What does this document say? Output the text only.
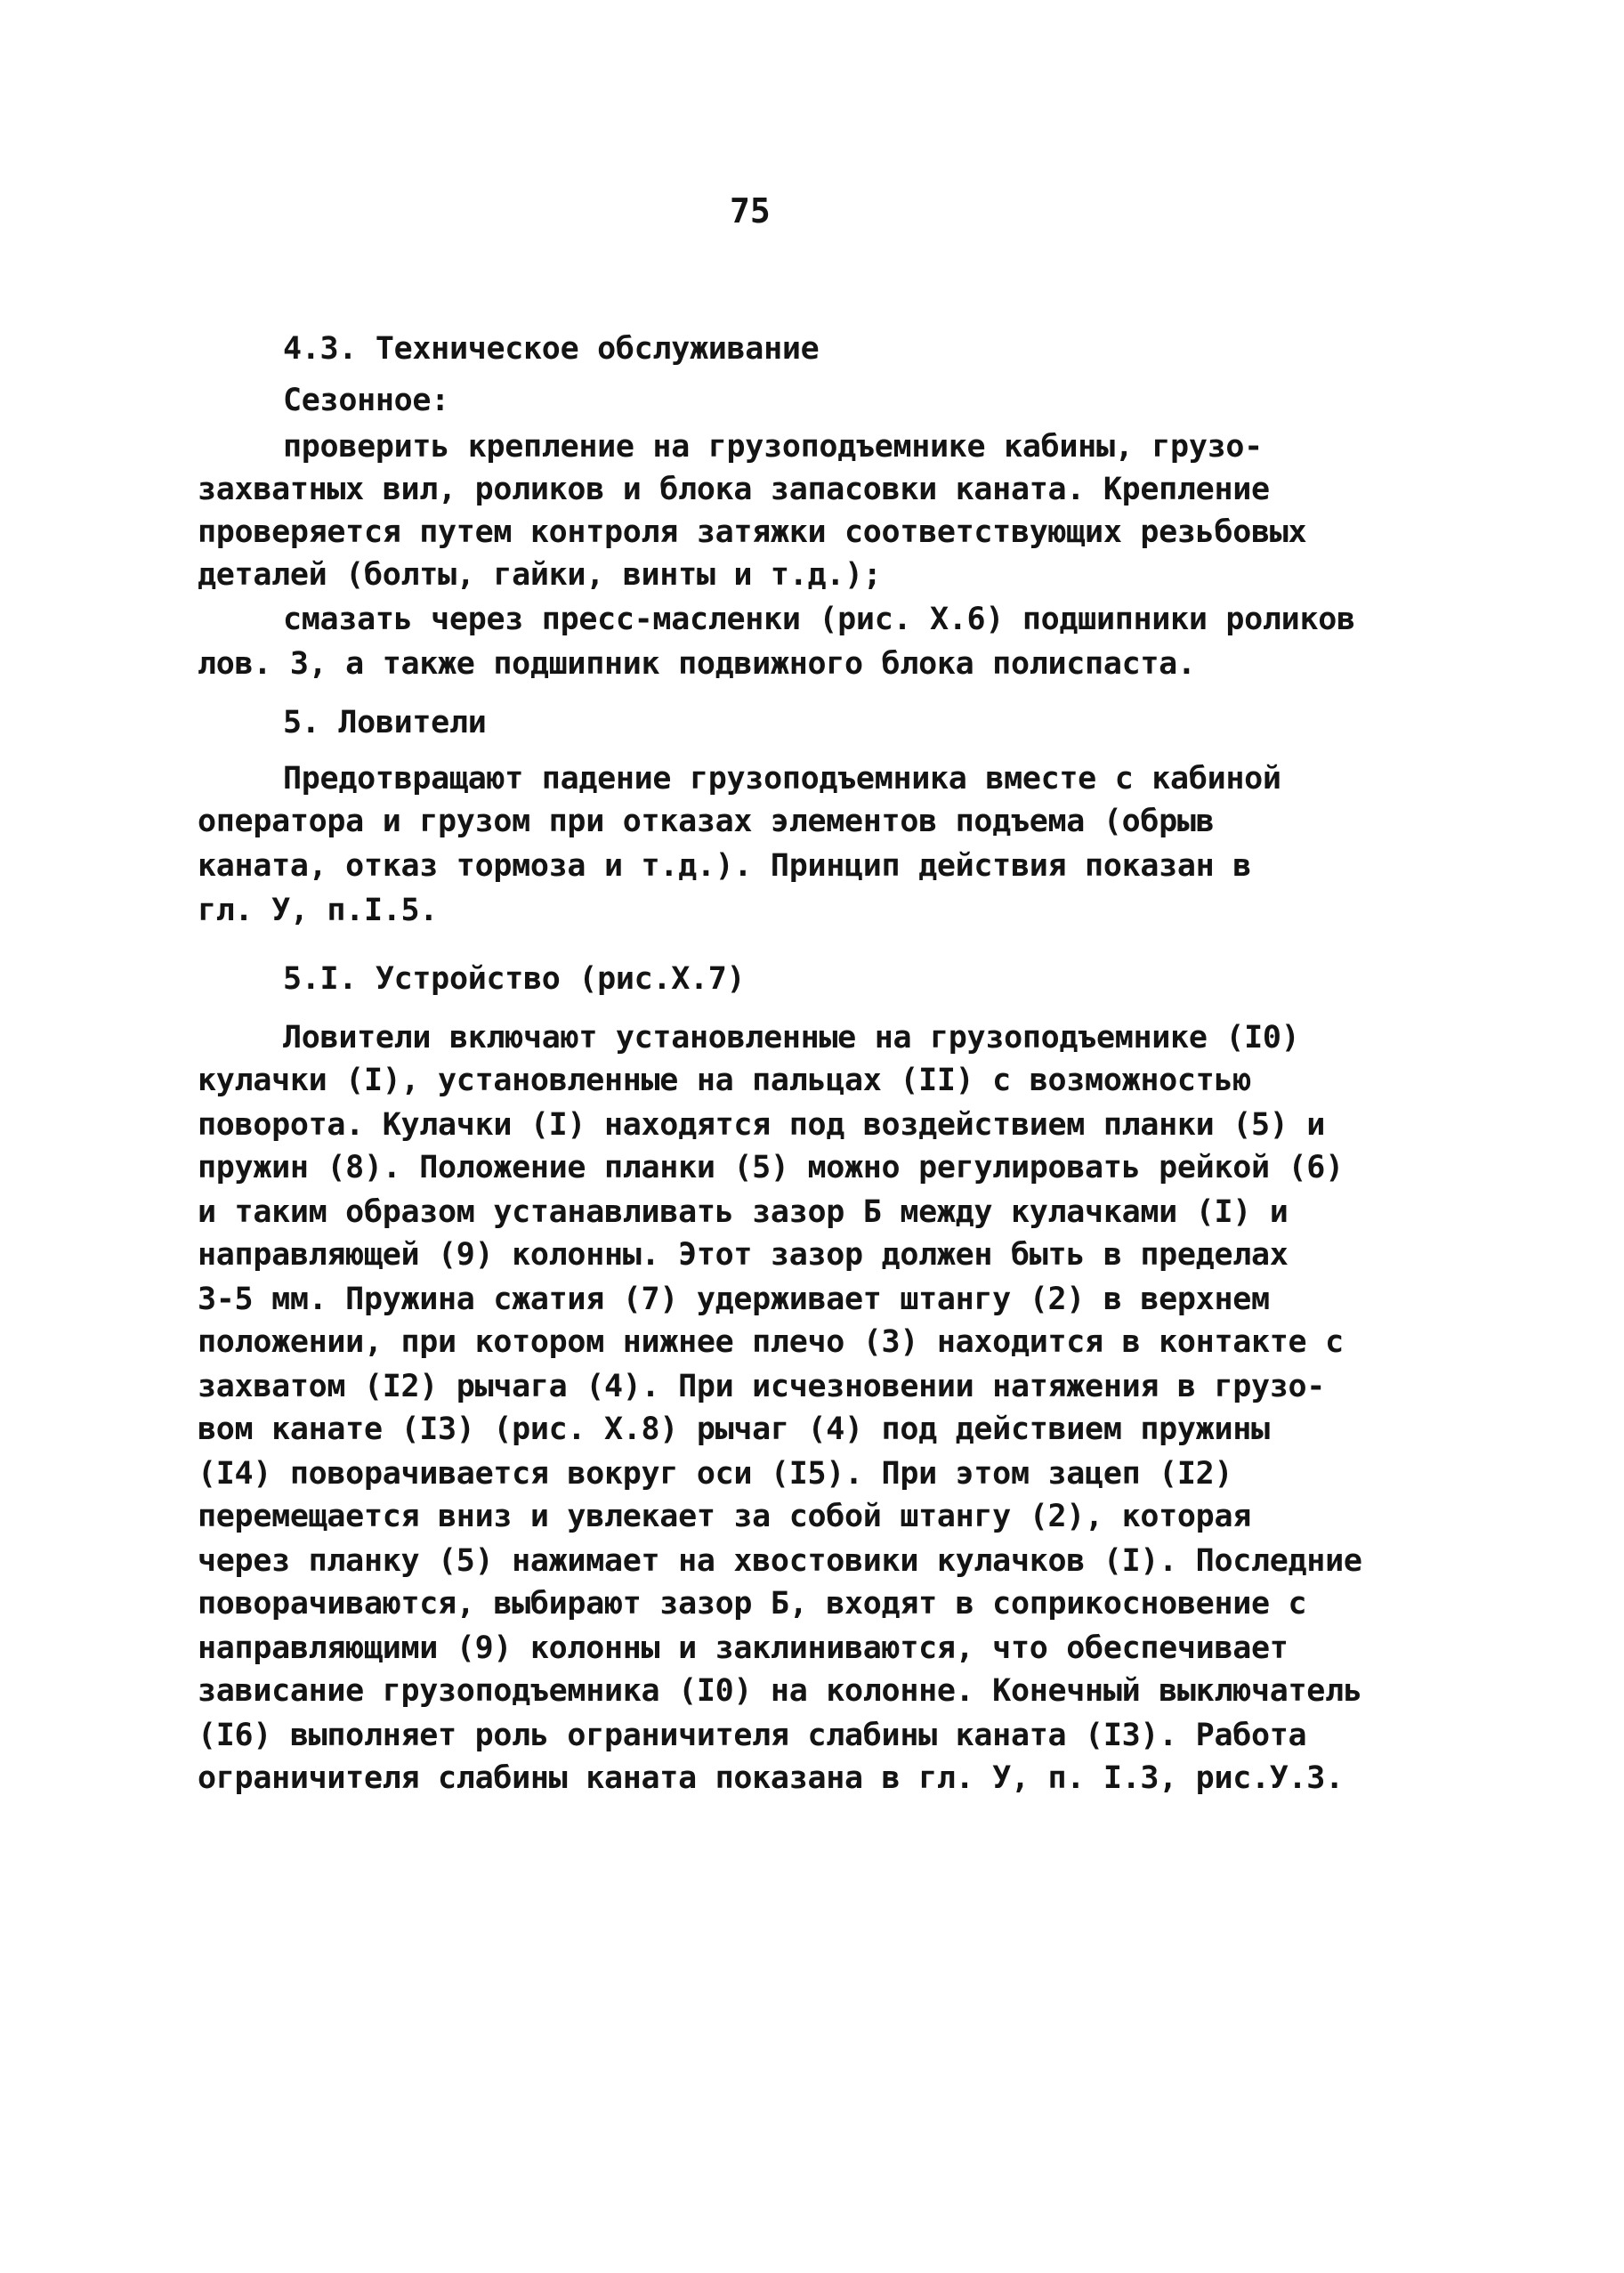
75
4.3. Техническое обслуживание
Сезонное:
проверить крепление на грузоподъемнике кабины, грузо-
захватных вил, роликов и блока запасовки каната. Крепление
проверяется путем контроля затяжки соответствующих резьбовых
деталей (болты, гайки, винты и т.д.);
смазать через пресс-масленки (рис. X.6) подшипники роликов
лов. 3, а также подшипник подвижного блока полиспаста.
5. Ловители
Предотвращают падение грузоподъемника вместе с кабиной
оператора и грузом при отказах элементов подъема (обрыв
каната, отказ тормоза и т.д.). Принцип действия показан в
гл. У, п.I.5.
5.I. Устройство (рис.X.7)
Ловители включают установленные на грузоподъемнике (I0)
кулачки (I), установленные на пальцах (II) с возможностью
поворота. Кулачки (I) находятся под воздействием планки (5) и
пружин (8). Положение планки (5) можно регулировать рейкой (6)
и таким образом устанавливать зазор Б между кулачками (I) и
направляющей (9) колонны. Этот зазор должен быть в пределах
3-5 мм. Пружина сжатия (7) удерживает штангу (2) в верхнем
положении, при котором нижнее плечо (3) находится в контакте с
захватом (I2) рычага (4). При исчезновении натяжения в грузо-
вом канате (I3) (рис. X.8) рычаг (4) под действием пружины
(I4) поворачивается вокруг оси (I5). При этом зацеп (I2)
перемещается вниз и увлекает за собой штангу (2), которая
через планку (5) нажимает на хвостовики кулачков (I). Последние
поворачиваются, выбирают зазор Б, входят в соприкосновение с
направляющими (9) колонны и заклиниваются, что обеспечивает
зависание грузоподъемника (I0) на колонне. Конечный выключатель
(I6) выполняет роль ограничителя слабины каната (I3). Работа
ограничителя слабины каната показана в гл. У, п. I.3, рис.У.3.
